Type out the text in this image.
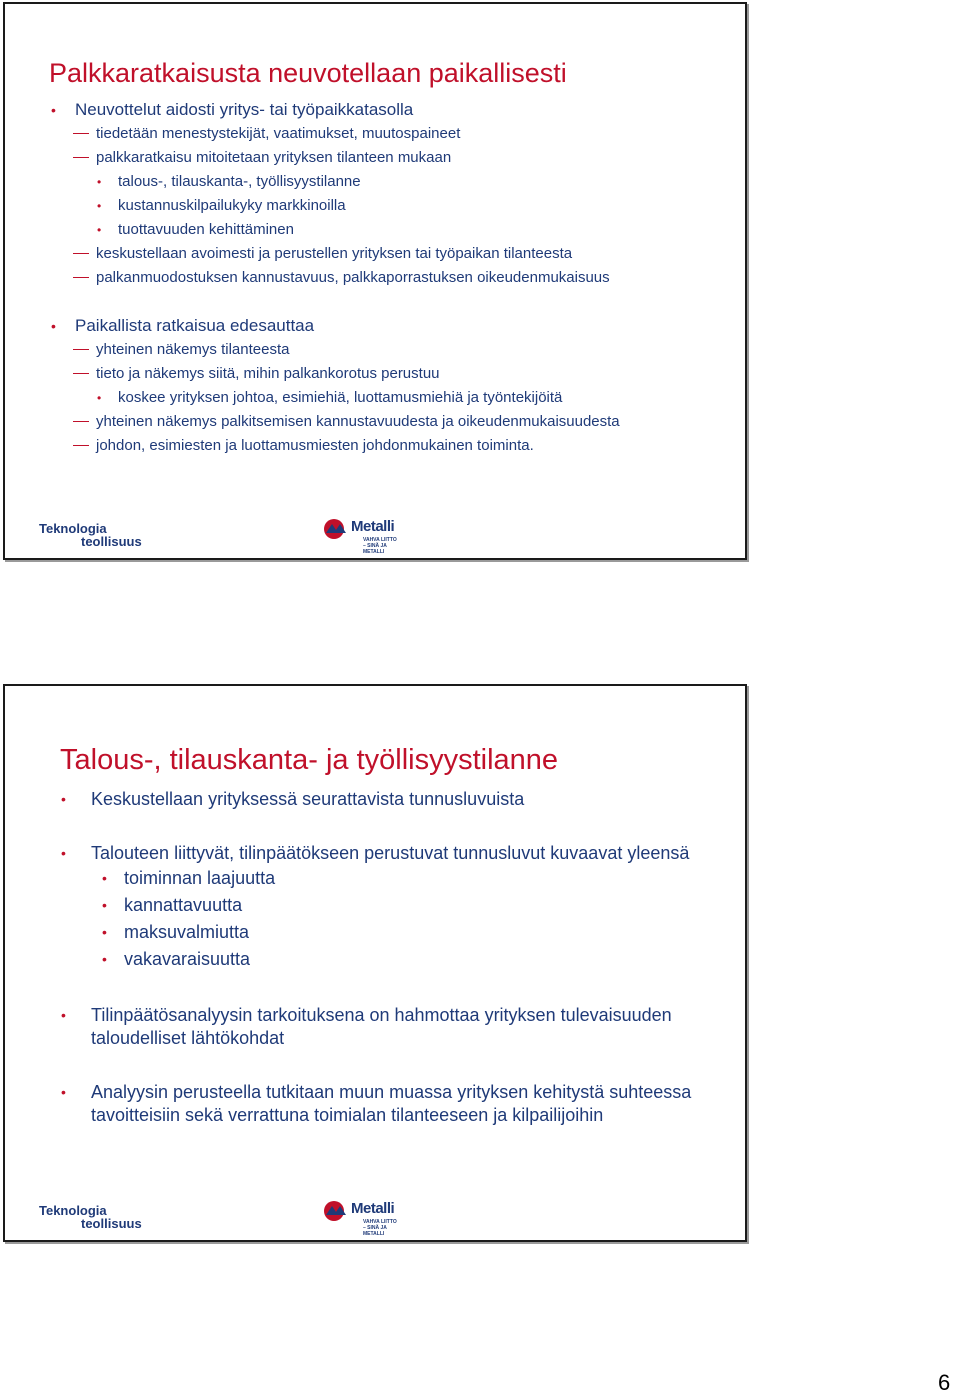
Palkkaratkaisusta neuvotellaan paikallisesti
• Neuvottelut aidosti yritys- tai työpaikkatasolla
tiedetään menestystekijät, vaatimukset, muutospaineet
palkkaratkaisu mitoitetaan yrityksen tilanteen mukaan
• talous-, tilauskanta-, työllisyystilanne
• kustannuskilpailukyky markkinoilla
• tuottavuuden kehittäminen
keskustellaan avoimesti ja perustellen yrityksen tai työpaikan tilanteesta
palkanmuodostuksen kannustavuus, palkkaporrastuksen oikeudenmukaisuus
• Paikallista ratkaisua edesauttaa
yhteinen näkemys tilanteesta
tieto ja näkemys siitä, mihin palkankorotus perustuu
• koskee yrityksen johtoa, esimiehiä, luottamusmiehiä ja työntekijöitä
yhteinen näkemys palkitsemisen kannustavuudesta ja oikeudenmukaisuudesta
johdon, esimiesten ja luottamusmiesten johdonmukainen toiminta.
Teknologia
teollisuus
Metalli
VAHVA LIITTO
– SINÄ JA METALLI
Talous-, tilauskanta- ja työllisyystilanne
• Keskustellaan yrityksessä seurattavista tunnusluvuista
• Talouteen liittyvät, tilinpäätökseen perustuvat tunnusluvut kuvaavat yleensä
• toiminnan laajuutta
• kannattavuutta
• maksuvalmiutta
• vakavaraisuutta
• Tilinpäätösanalyysin tarkoituksena on hahmottaa yrityksen tulevaisuuden
taloudelliset lähtökohdat
• Analyysin perusteella tutkitaan muun muassa yrityksen kehitystä suhteessa
tavoitteisiin sekä verrattuna toimialan tilanteeseen ja kilpailijoihin
Teknologia
teollisuus
Metalli
VAHVA LIITTO
– SINÄ JA METALLI
6
